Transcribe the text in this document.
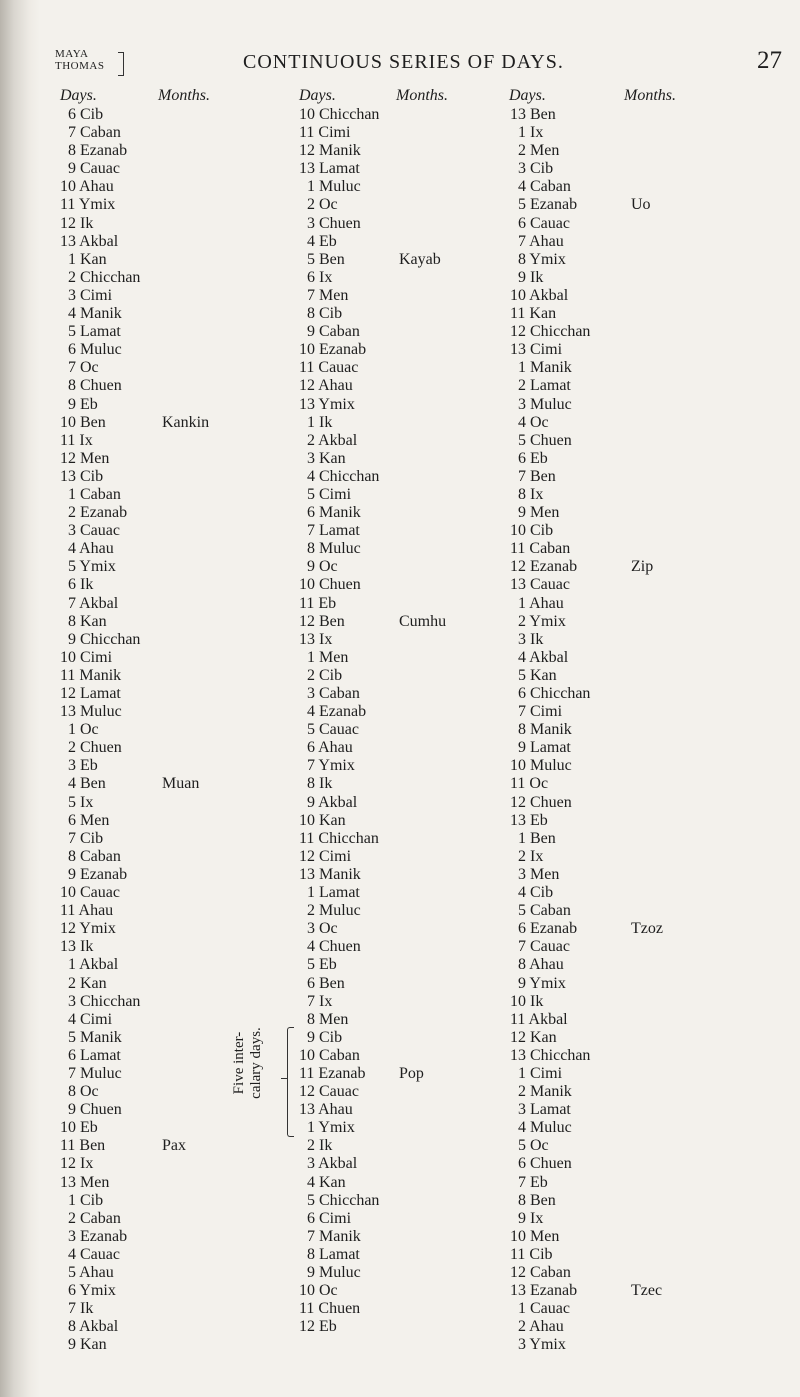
MAYA
THOMAS	CONTINUOUS SERIES OF DAYS.	27
Days.	Months.
6 Cib
7 Caban
8 Ezanab
9 Cauac
10 Ahau
11 Ymix
12 Ik
13 Akbal
1 Kan
2 Chicchan
3 Cimi
4 Manik
5 Lamat
6 Muluc
7 Oc
8 Chuen
9 Eb
10 Ben	Kankin
11 Ix
12 Men
13 Cib
1 Caban
2 Ezanab
3 Cauac
4 Ahau
5 Ymix
6 Ik
7 Akbal
8 Kan
9 Chicchan
10 Cimi
11 Manik
12 Lamat
13 Muluc
1 Oc
2 Chuen
3 Eb
4 Ben	Muan
5 Ix
6 Men
7 Cib
8 Caban
9 Ezanab
10 Cauac
11 Ahau
12 Ymix
13 Ik
1 Akbal
2 Kan
3 Chicchan
4 Cimi
5 Manik
6 Lamat
7 Muluc
8 Oc
9 Chuen
10 Eb
11 Ben	Pax
12 Ix
13 Men
1 Cib
2 Caban
3 Ezanab
4 Cauac
5 Ahau
6 Ymix
7 Ik
8 Akbal
9 Kan
Days.	Months.
10 Chicchan
11 Cimi
12 Manik
13 Lamat
1 Muluc
2 Oc
3 Chuen
4 Eb
5 Ben	Kayab
6 Ix
7 Men
8 Cib
9 Caban
10 Ezanab
11 Cauac
12 Ahau
13 Ymix
1 Ik
2 Akbal
3 Kan
4 Chicchan
5 Cimi
6 Manik
7 Lamat
8 Muluc
9 Oc
10 Chuen
11 Eb
12 Ben	Cumhu
13 Ix
1 Men
2 Cib
3 Caban
4 Ezanab
5 Cauac
6 Ahau
7 Ymix
8 Ik
9 Akbal
10 Kan
11 Chicchan
12 Cimi
13 Manik
1 Lamat
2 Muluc
3 Oc
4 Chuen
5 Eb
6 Ben
7 Ix
8 Men
9 Cib
10 Caban
11 Ezanab Pop
12 Cauac
13 Ahau
1 Ymix
2 Ik
3 Akbal
4 Kan
5 Chicchan
6 Cimi
7 Manik
8 Lamat
9 Muluc
10 Oc
11 Chuen
12 Eb
Days.	Months.
13 Ben
1 Ix
2 Men
3 Cib
4 Caban
5 Ezanab	Uo
6 Cauac
7 Ahau
8 Ymix
9 Ik
10 Akbal
11 Kan
12 Chicchan
13 Cimi
1 Manik
2 Lamat
3 Muluc
4 Oc
5 Chuen
6 Eb
7 Ben
8 Ix
9 Men
10 Cib
11 Caban
12 Ezanab	Zip
13 Cauac
1 Ahau
2 Ymix
3 Ik
4 Akbal
5 Kan
6 Chicchan
7 Cimi
8 Manik
9 Lamat
10 Muluc
11 Oc
12 Chuen
13 Eb
1 Ben
2 Ix
3 Men
4 Cib
5 Caban
6 Ezanab	Tzoz
7 Cauac
8 Ahau
9 Ymix
10 Ik
11 Akbal
12 Kan
13 Chicchan
1 Cimi
2 Manik
3 Lamat
4 Muluc
5 Oc
6 Chuen
7 Eb
8 Ben
9 Ix
10 Men
11 Cib
12 Caban
13 Ezanab	Tzec
1 Cauac
2 Ahau
3 Ymix
Five inter- calary days.
